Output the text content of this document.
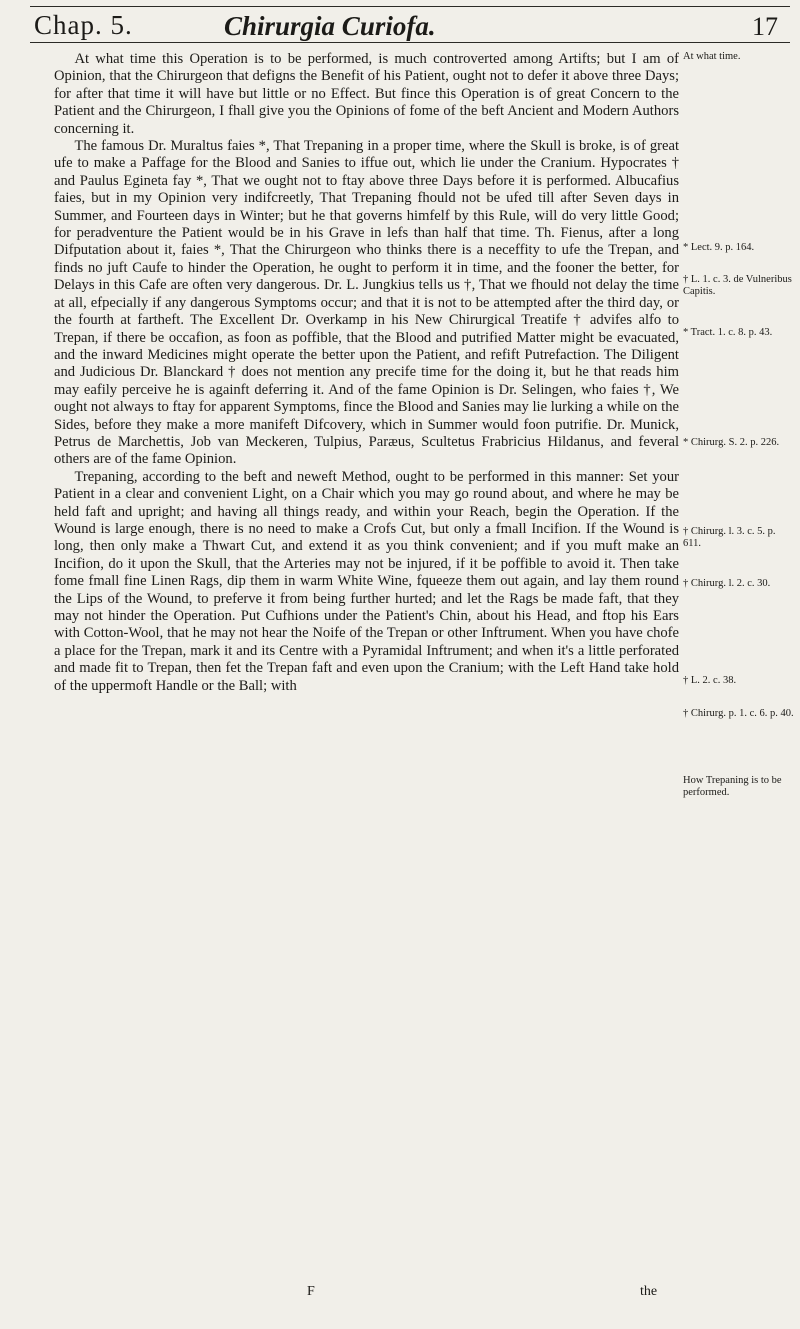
Chap. 5.	Chirurgia Curiofa.	17

At what time this Operation is to be performed, is much controverted among Artifts; but I am of Opinion, that the Chirurgeon that defigns the Benefit of his Patient, ought not to defer it above three Days; for after that time it will have but little or no Effect. But fince this Operation is of great Concern to the Patient and the Chirurgeon, I fhall give you the Opinions of fome of the beft Ancient and Modern Authors concerning it.

The famous Dr. Muraltus faies *, That Trepaning in a proper time, where the Skull is broke, is of great ufe to make a Paffage for the Blood and Sanies to iffue out, which lie under the Cranium. Hypocrates † and Paulus Egineta fay *, That we ought not to ftay above three Days before it is performed. Albucafius faies, but in my Opinion very indifcreetly, That Trepaning fhould not be ufed till after Seven days in Summer, and Fourteen days in Winter; but he that governs himfelf by this Rule, will do very little Good; for peradventure the Patient would be in his Grave in lefs than half that time. Th. Fienus, after a long Difputation about it, faies *, That the Chirurgeon who thinks there is a neceffity to ufe the Trepan, and finds no juft Caufe to hinder the Operation, he ought to perform it in time, and the fooner the better, for Delays in this Cafe are often very dangerous. Dr. L. Jungkius tells us †, That we fhould not delay the time at all, efpecially if any dangerous Symptoms occur; and that it is not to be attempted after the third day, or the fourth at fartheft. The Excellent Dr. Overkamp in his New Chirurgical Treatife † advifes alfo to Trepan, if there be occafion, as foon as poffible, that the Blood and putrified Matter might be evacuated, and the inward Medicines might operate the better upon the Patient, and refift Putrefaction. The Diligent and Judicious Dr. Blanckard † does not mention any precife time for the doing it, but he that reads him may eafily perceive he is againft deferring it. And of the fame Opinion is Dr. Selingen, who faies †, We ought not always to ftay for apparent Symptoms, fince the Blood and Sanies may lie lurking a while on the Sides, before they make a more manifeft Difcovery, which in Summer would foon putrifie. Dr. Munick, Petrus de Marchettis, Job van Meckeren, Tulpius, Paræus, Scultetus Frabricius Hildanus, and feveral others are of the fame Opinion.

Trepaning, according to the beft and neweft Method, ought to be performed in this manner: Set your Patient in a clear and convenient Light, on a Chair which you may go round about, and where he may be held faft and upright; and having all things ready, and within your Reach, begin the Operation. If the Wound is large enough, there is no need to make a Crofs Cut, but only a fmall Incifion. If the Wound is long, then only make a Thwart Cut, and extend it as you think convenient; and if you muft make an Incifion, do it upon the Skull, that the Arteries may not be injured, if it be poffible to avoid it. Then take fome fmall fine Linen Rags, dip them in warm White Wine, fqueeze them out again, and lay them round the Lips of the Wound, to preferve it from being further hurted; and let the Rags be made faft, that they may not hinder the Operation. Put Cufhions under the Patient's Chin, about his Head, and ftop his Ears with Cotton-Wool, that he may not hear the Noife of the Trepan or other Inftrument. When you have chofe a place for the Trepan, mark it and its Centre with a Pyramidal Inftrument; and when it's a little perforated and made fit to Trepan, then fet the Trepan faft and even upon the Cranium; with the Left Hand take hold of the uppermoft Handle or the Ball; with

At what time.
* Lect. 9. p. 164.
† L. 1. c. 3. de Vulneribus Capitis.
* Tract. 1. c. 8. p. 43.
* Chirurg. S. 2. p. 226.
† Chirurg. l. 3. c. 5. p. 611.
† Chirurg. l. 2. c. 30.
† L. 2. c. 38.
† Chirurg. p. 1. c. 6. p. 40.
How Trepaning is to be performed.
F	the
